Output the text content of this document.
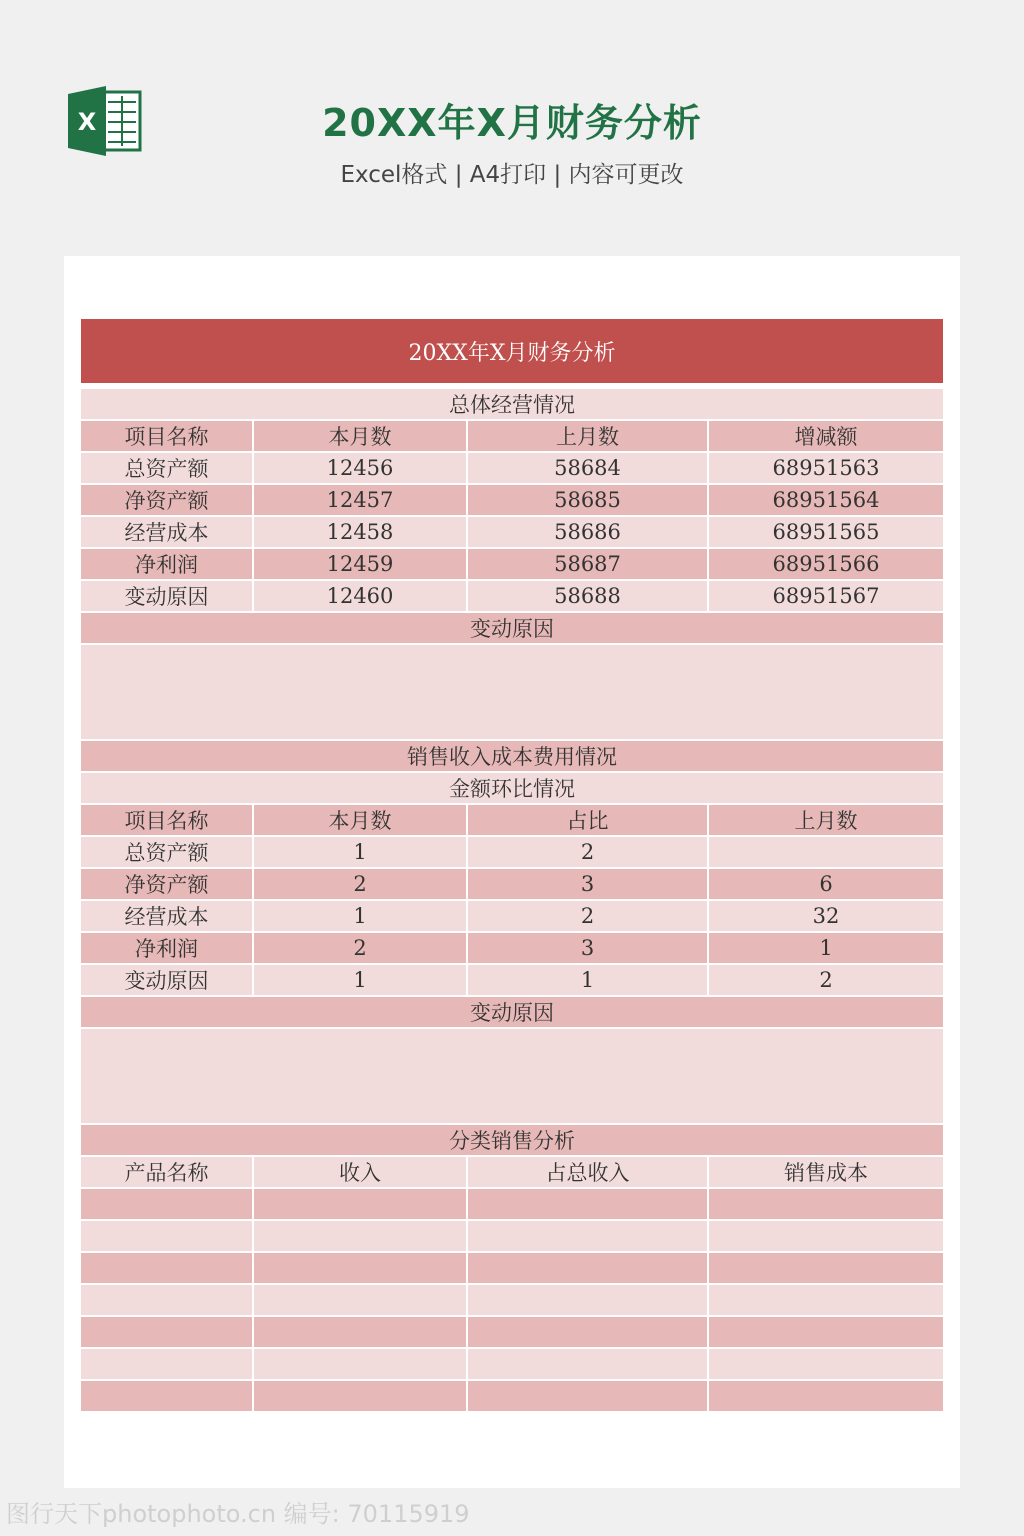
X	20XX年X月财务分析
Excel格式 | A4打印 | 内容可更改
20XX年X月财务分析
总体经营情况
项目名称	本月数	上月数	增减额
总资产额	12456	58684	68951563
净资产额	12457	58685	68951564
经营成本	12458	58686	68951565
净利润	12459	58687	68951566
变动原因	12460	58688	68951567
变动原因
销售收入成本费用情况
金额环比情况
项目名称	本月数	占比	上月数
总资产额	1	2
净资产额	2	3	6
经营成本	1	2	32
净利润	2	3	1
变动原因	1	1	2
变动原因
分类销售分析
产品名称	收入	占总收入	销售成本
图行天下photophoto.cn 编号: 70115919
